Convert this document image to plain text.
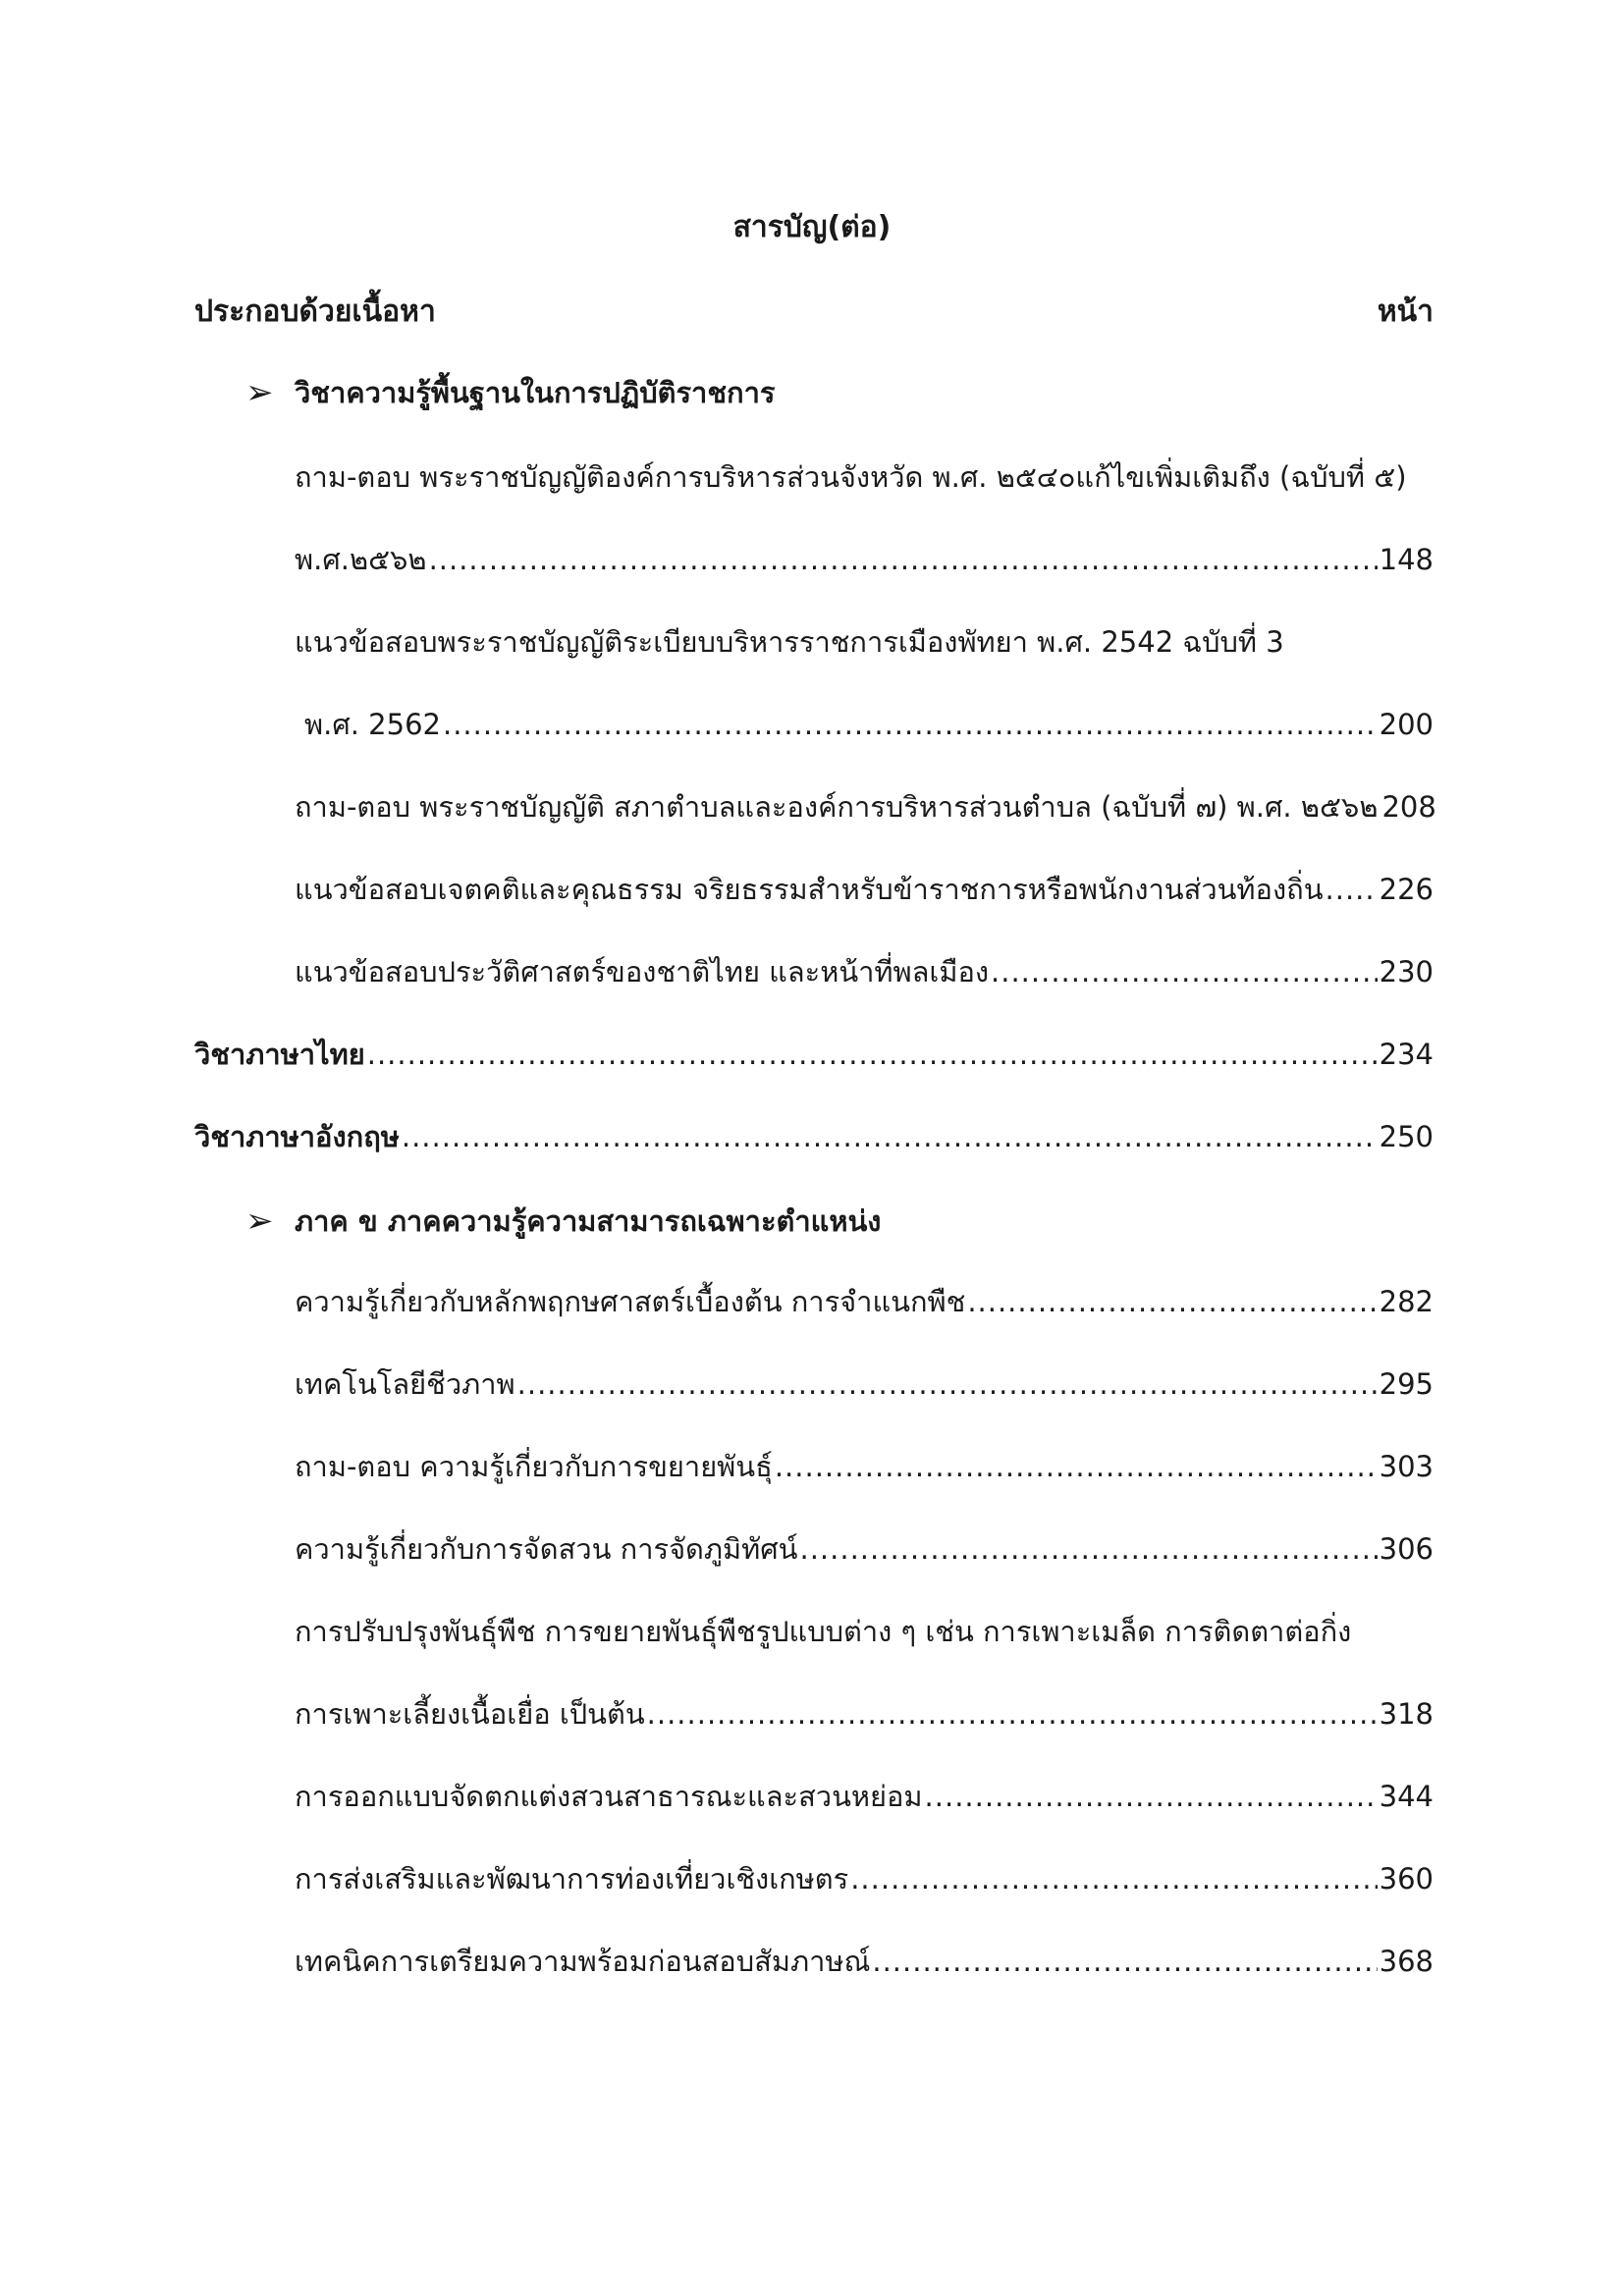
สารบัญ(ต่อ)
ประกอบด้วยเนื้อหา	หน้า
➢ วิชาความรู้พื้นฐานในการปฏิบัติราชการ
ถาม-ตอบ พระราชบัญญัติองค์การบริหารส่วนจังหวัด พ.ศ. ๒๕๔๐แก้ไขเพิ่มเติมถึง (ฉบับที่ ๕)
พ.ศ.๒๕๖๒ .....	148
แนวข้อสอบพระราชบัญญัติระเบียบบริหารราชการเมืองพัทยา พ.ศ. 2542 ฉบับที่ 3
พ.ศ. 2562 .....	200
ถาม-ตอบ พระราชบัญญัติ สภาตำบลและองค์การบริหารส่วนตำบล (ฉบับที่ ๗) พ.ศ. ๒๕๖๒ 208
แนวข้อสอบเจตคติและคุณธรรม จริยธรรมสำหรับข้าราชการหรือพนักงานส่วนท้องถิ่น ..... 226
แนวข้อสอบประวัติศาสตร์ของชาติไทย และหน้าที่พลเมือง .....	230
วิชาภาษาไทย .....	234
วิชาภาษาอังกฤษ .....	250
➢ ภาค ข ภาคความรู้ความสามารถเฉพาะตำแหน่ง
ความรู้เกี่ยวกับหลักพฤกษศาสตร์เบื้องต้น การจำแนกพืช .....	282
เทคโนโลยีชีวภาพ .....	295
ถาม-ตอบ ความรู้เกี่ยวกับการขยายพันธุ์ .....	303
ความรู้เกี่ยวกับการจัดสวน การจัดภูมิทัศน์ .....	306
การปรับปรุงพันธุ์พืช การขยายพันธุ์พืชรูปแบบต่าง ๆ เช่น การเพาะเมล็ด การติดตาต่อกิ่ง
การเพาะเลี้ยงเนื้อเยื่อ เป็นต้น .....	318
การออกแบบจัดตกแต่งสวนสาธารณะและสวนหย่อม .....	344
การส่งเสริมและพัฒนาการท่องเที่ยวเชิงเกษตร .....	360
เทคนิคการเตรียมความพร้อมก่อนสอบสัมภาษณ์ .....	368
